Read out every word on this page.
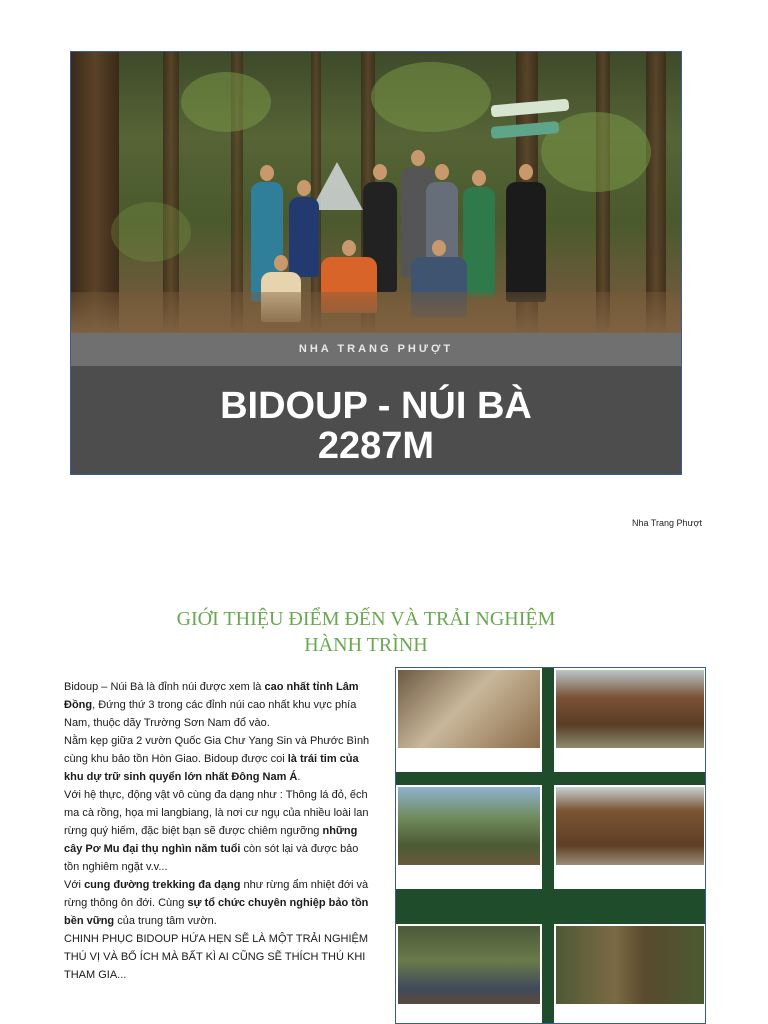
NHA TRANG PHƯỢT
BIDOUP - NÚI BÀ
2287M
Nha Trang Phượt
GIỚI THIỆU ĐIỂM ĐẾN VÀ TRẢI NGHIỆM
HÀNH TRÌNH
Bidoup – Núi Bà là đỉnh núi được xem là cao nhất tỉnh Lâm Đồng, Đứng thứ 3 trong các đỉnh núi cao nhất khu vực phía Nam, thuộc dãy Trường Sơn Nam đổ vào.
Nằm kẹp giữa 2 vườn Quốc Gia Chư Yang Sin và Phước Bình cùng khu bảo tồn Hòn Giao. Bidoup được coi là trái tim của khu dự trữ sinh quyển lớn nhất Đông Nam Á.
Với hệ thực, động vật vô cùng đa dạng như : Thông lá đỏ, ếch ma cà rồng, họa mi langbiang, là nơi cư ngụ của nhiều loài lan rừng quý hiếm, đặc biệt bạn sẽ được chiêm ngưỡng những cây Pơ Mu đại thụ nghìn năm tuổi còn sót lại và được bảo tồn nghiêm ngặt v.v...
Với cung đường trekking đa dạng như rừng ẩm nhiệt đới và rừng thông ôn đới. Cùng sự tổ chức chuyên nghiệp bảo tồn bền vững của trung tâm vườn.
CHINH PHỤC BIDOUP HỨA HẸN SẼ LÀ MỘT TRẢI NGHIỆM THÚ VỊ VÀ BỔ ÍCH MÀ BẤT KÌ AI CŨNG SẼ THÍCH THÚ KHI THAM GIA...
